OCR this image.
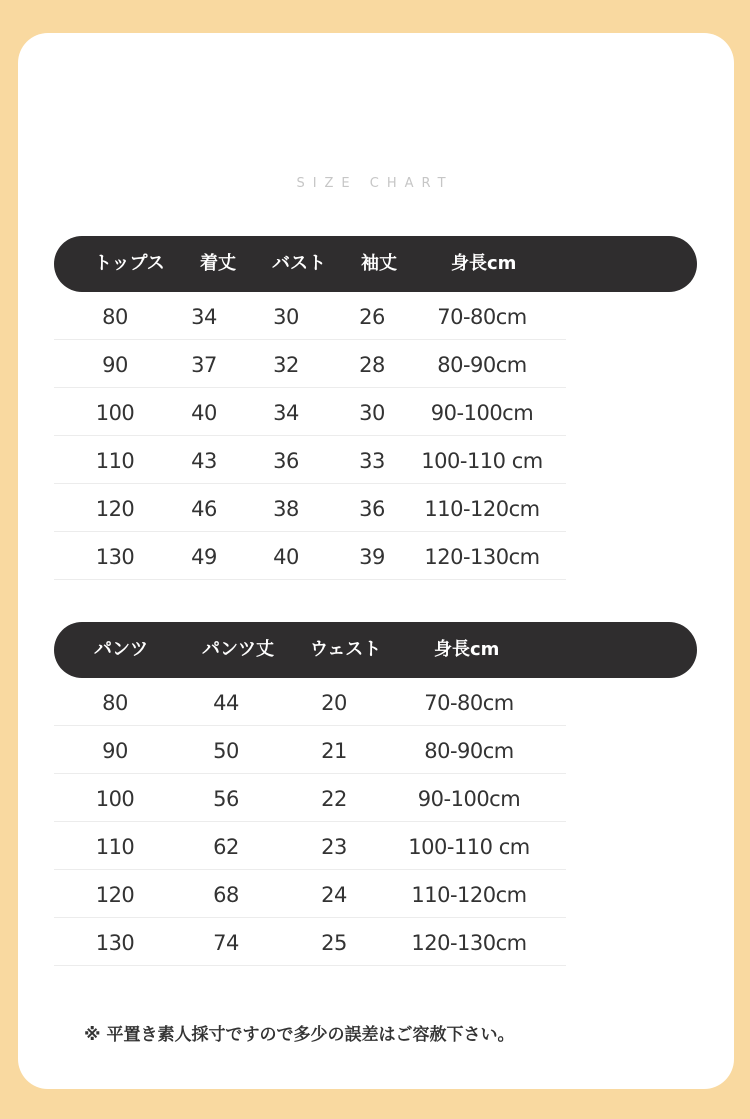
SIZE CHART
トップス 着丈 バスト 袖丈	身長cm
80	34	30	26 70-80cm
90	37	32	28 80-90cm
100	40	34	30 90-100cm
110	43	36	33 100-110 cm
120	46	38	36 110-120cm
130	49	40	39 120-130cm
パンツ	パンツ丈 ウェスト	身長cm
80	44	20	70-80cm
90	50	21	80-90cm
100	56	22	90-100cm
110	62	23	100-110 cm
120	68	24	110-120cm
130	74	25	120-130cm
※ 平置き素人採寸ですので多少の誤差はご容赦下さい。
